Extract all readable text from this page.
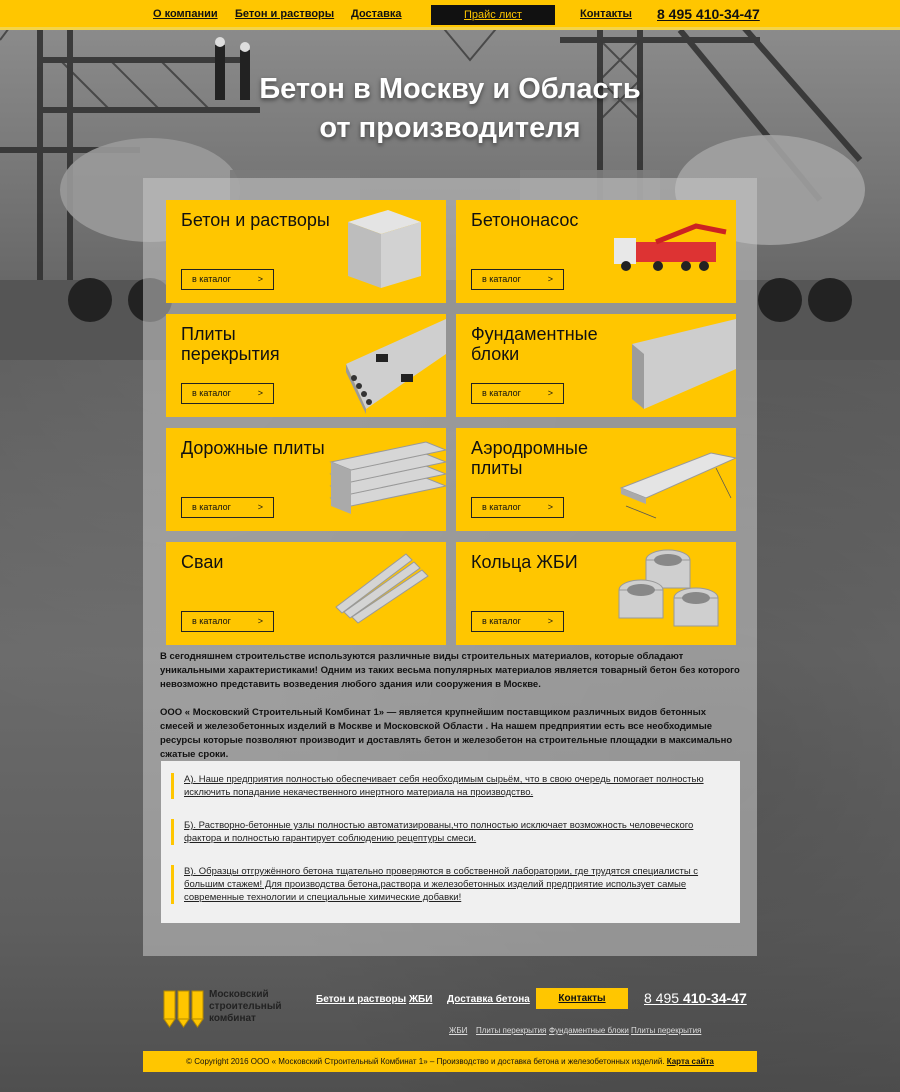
О компании Бетон и растворы Доставка	Прайс лист	Контакты 8 495 410-34-47
Бетон в Москву и Область
от производителя
Бетон и растворы
в каталог	>
Бетононасос
в каталог	>
Плиты перекрытия
в каталог	>
Фундаментные блоки
в каталог	>
Дорожные плиты
в каталог	>
Аэродромные плиты
в каталог	>
Сваи
в каталог	>
Кольца ЖБИ
в каталог	>

В сегодняшнем строительстве используются различные виды строительных материалов, которые обладают уникальными характеристиками! Одним из таких весьма популярных материалов является товарный бетон без которого невозможно представить возведения любого здания или сооружения в Москве.

ООО « Московский Строительный Комбинат 1» — является крупнейшим поставщиком различных видов бетонных смесей и железобетонных изделий в Москве и Московской Области . На нашем предприятии есть все необходимые ресурсы которые позволяют производит и доставлять бетон и железобетон на строительные площадки в максимально сжатые сроки.

А). Наше предприятия полностью обеспечивает себя необходимым сырьём, что в свою очередь помогает полностью исключить попадание некачественного инертного материала на производство.
Б). Растворно-бетонные узлы полностью автоматизированы,что полностью исключает возможность человеческого фактора и полностью гарантирует соблюдению рецептуры смеси.
В). Образцы отгружённого бетона тщательно проверяются в собственной лаборатории, где трудятся специалисты с большим стажем! Для производства бетона,раствора и железобетонных изделий предприятие использует самые современные технологии и специальные химические добавки!
Московский
строительный
комбинат
Бетон и растворы ЖБИ Доставка бетона	Контакты	8 495 410-34-47
ЖБИ Плиты перекрытия Фундаментные блоки Плиты перекрытия
© Copyright 2016 ООО « Московский Строительный Комбинат 1» – Производство и доставка бетона и железобетонных изделий. Карта сайта
